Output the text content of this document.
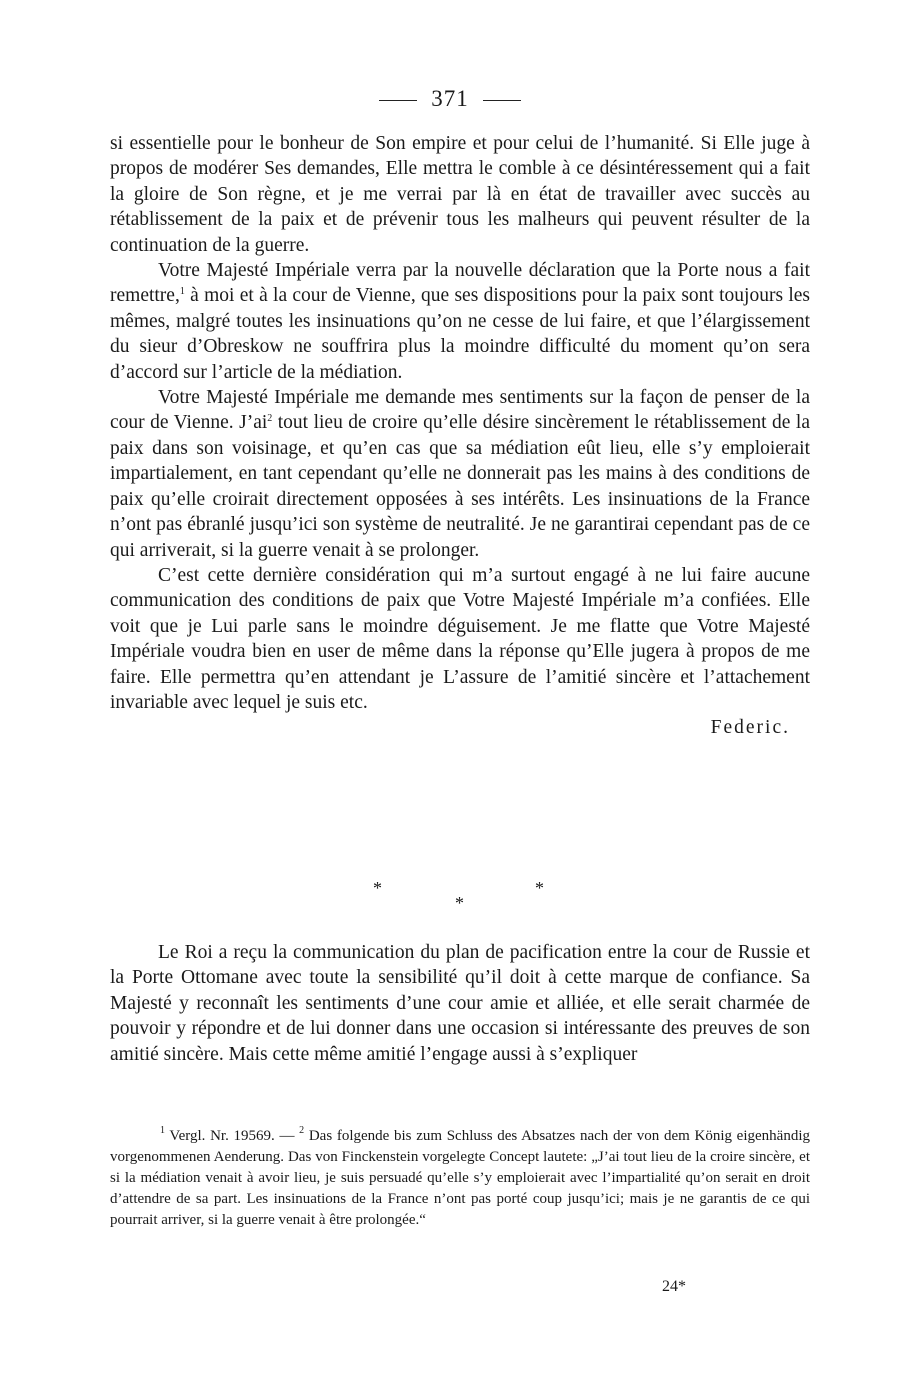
371

si essentielle pour le bonheur de Son empire et pour celui de l’humanité. Si Elle juge à propos de modérer Ses demandes, Elle mettra le comble à ce désintéressement qui a fait la gloire de Son règne, et je me verrai par là en état de travailler avec succès au rétablissement de la paix et de prévenir tous les malheurs qui peuvent résulter de la continuation de la guerre.

Votre Majesté Impériale verra par la nouvelle déclaration que la Porte nous a fait remettre,$^1$ à moi et à la cour de Vienne, que ses dispositions pour la paix sont toujours les mêmes, malgré toutes les insinuations qu’on ne cesse de lui faire, et que l’élargissement du sieur d’Obreskow ne souffrira plus la moindre difficulté du moment qu’on sera d’accord sur l’article de la médiation.

Votre Majesté Impériale me demande mes sentiments sur la façon de penser de la cour de Vienne. $J’ai^2$ tout lieu de croire qu’elle désire sincèrement le rétablissement de la paix dans son voisinage, et qu’en cas que sa médiation eût lieu, elle s’y emploierait impartialement, en tant cependant qu’elle ne donnerait pas les mains à des conditions de paix qu’elle croirait directement opposées à ses intérêts. Les insinuations de la France n’ont pas ébranlé jusqu’ici son système de neutralité. Je ne garantirai cependant pas de ce qui arriverait, si la guerre venait à se prolonger.

C’est cette dernière considération qui m’a surtout engagé à ne lui faire aucune communication des conditions de paix que Votre Majesté Impériale m’a confiées. Elle voit que je Lui parle sans le moindre déguisement. Je me flatte que Votre Majesté Impériale voudra bien en user de même dans la réponse qu’Elle jugera à propos de me faire. Elle permettra qu’en attendant je L’assure de l’amitié sincère et l’attachement invariable avec lequel je suis etc.

Federic.

*	*
*
Le Roi a reçu la communication du plan de pacification entre la cour de Russie et la Porte Ottomane avec toute la sensibilité qu’il doit à cette marque de confiance. Sa Majesté y reconnaît les sentiments d’une cour amie et alliée, et elle serait charmée de pouvoir y répondre et de lui donner dans une occasion si intéressante des preuves de son amitié sincère. Mais cette même amitié l’engage aussi à s’expliquer

$^1$ Vergl. Nr. 19569. — $^2$ Das folgende bis zum Schluss des Absatzes nach der von dem König eigenhändig vorgenommenen Aenderung. Das von Finckenstein vorgelegte Concept lautete: „J’ai tout lieu de la croire sincère, et si la médiation venait à avoir lieu, je suis persuadé qu’elle s’y emploierait avec l’impartialité qu’on serait en droit d’attendre de sa part. Les insinuations de la France n’ont pas porté coup jusqu’ici; mais je ne garantis de ce qui pourrait arriver, si la guerre venait à être prolongée.“

24*
